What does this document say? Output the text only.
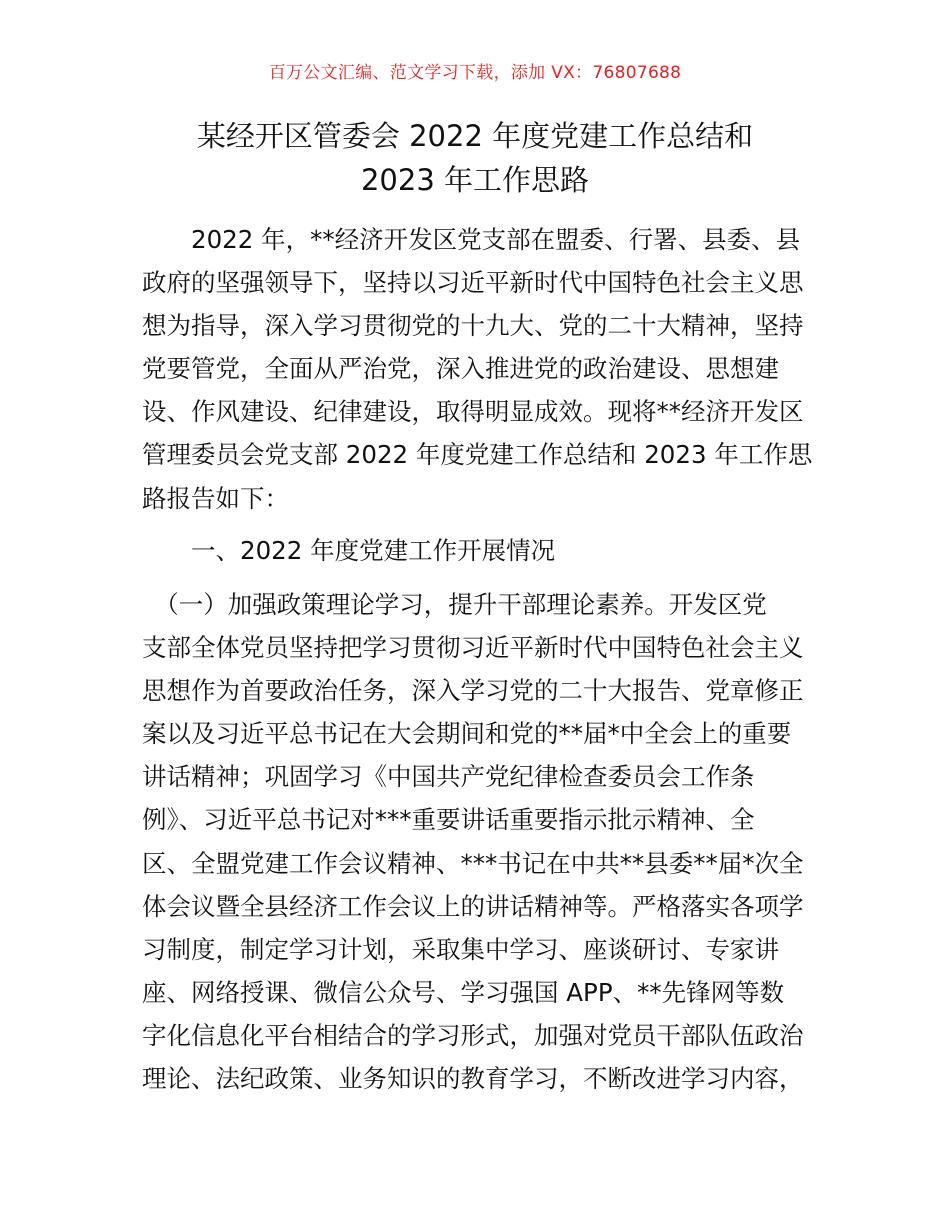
百万公文汇编、范文学习下载，添加 VX：76807688
某经开区管委会 2022 年度党建工作总结和
2023 年工作思路
　　2022 年，**经济开发区党支部在盟委、行署、县委、县
政府的坚强领导下，坚持以习近平新时代中国特色社会主义思
想为指导，深入学习贯彻党的十九大、党的二十大精神，坚持
党要管党，全面从严治党，深入推进党的政治建设、思想建
设、作风建设、纪律建设，取得明显成效。现将**经济开发区
管理委员会党支部 2022 年度党建工作总结和 2023 年工作思
路报告如下：
　　一、2022 年度党建工作开展情况
　（一）加强政策理论学习，提升干部理论素养。开发区党
支部全体党员坚持把学习贯彻习近平新时代中国特色社会主义
思想作为首要政治任务，深入学习党的二十大报告、党章修正
案以及习近平总书记在大会期间和党的**届*中全会上的重要
讲话精神；巩固学习《中国共产党纪律检查委员会工作条
例》、习近平总书记对***重要讲话重要指示批示精神、全
区、全盟党建工作会议精神、***书记在中共**县委**届*次全
体会议暨全县经济工作会议上的讲话精神等。严格落实各项学
习制度，制定学习计划，采取集中学习、座谈研讨、专家讲
座、网络授课、微信公众号、学习强国 APP、**先锋网等数
字化信息化平台相结合的学习形式，加强对党员干部队伍政治
理论、法纪政策、业务知识的教育学习，不断改进学习内容，
